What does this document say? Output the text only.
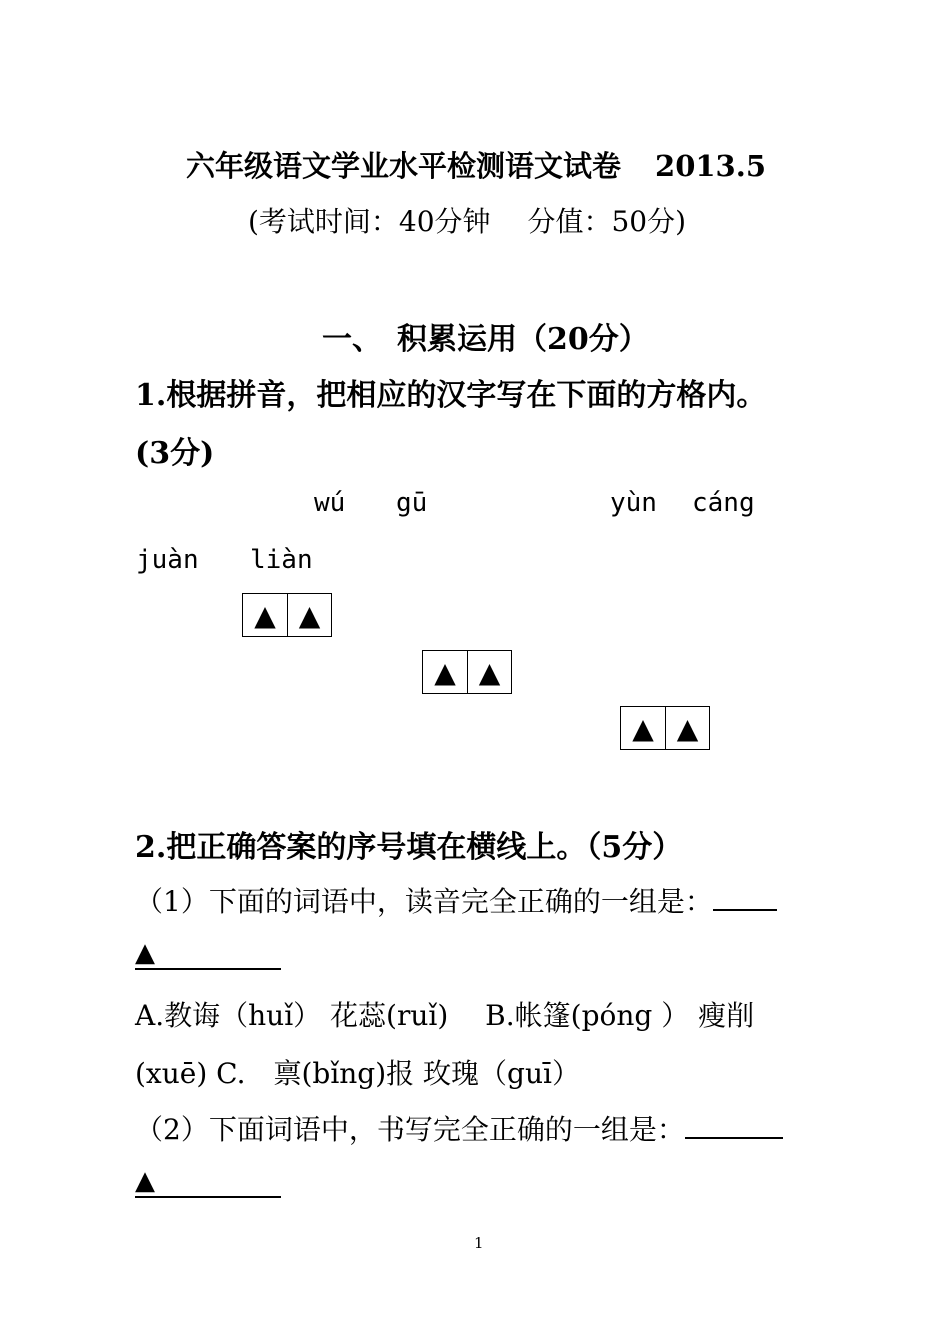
六年级语文学业水平检测语文试卷 2013.5
(考试时间：40分钟　 分值：50分)
一、　积累运用（20分）
1.根据拼音，把相应的汉字写在下面的方格内。
(3分)
wú gū	yùn cáng
juàn liàn
▲ ▲
▲ ▲
▲ ▲
2.把正确答案的序号填在横线上。（5分）
（1）下面的词语中，读音完全正确的一组是：
▲
A.教诲（huǐ） 花蕊(ruǐ)　 B.帐篷(póng ） 瘦削
(xuē) C.　禀(bǐng)报 玫瑰（guī）
（2）下面词语中，书写完全正确的一组是：
▲
1
